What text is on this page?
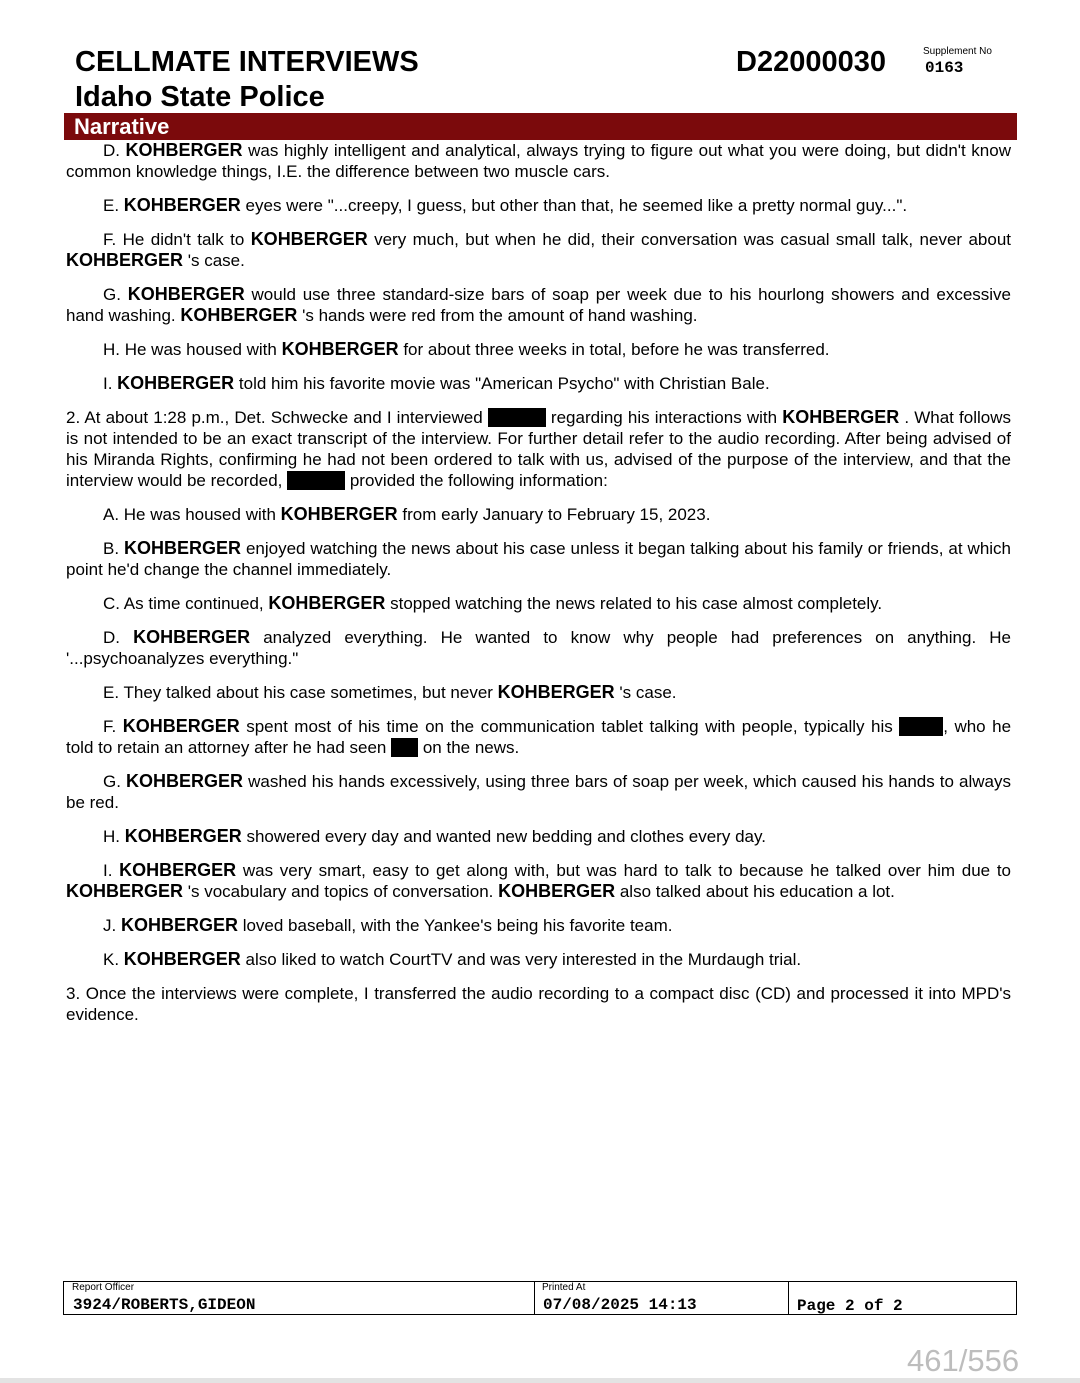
CELLMATE INTERVIEWS
Idaho State Police
D22000030	Supplement No
0163
Narrative

D. KOHBERGER was highly intelligent and analytical, always trying to figure out what you were doing, but didn't know common knowledge things, I.E. the difference between two muscle cars.

E. KOHBERGER eyes were "...creepy, I guess, but other than that, he seemed like a pretty normal guy...".

F. He didn't talk to KOHBERGER very much, but when he did, their conversation was casual small talk, never about KOHBERGER 's case.

G. KOHBERGER would use three standard-size bars of soap per week due to his hourlong showers and excessive hand washing. KOHBERGER 's hands were red from the amount of hand washing.

H. He was housed with KOHBERGER for about three weeks in total, before he was transferred.

I. KOHBERGER told him his favorite movie was "American Psycho" with Christian Bale.

2. At about 1:28 p.m., Det. Schwecke and I interviewed	regarding his interactions with KOHBERGER . What follows is not intended to be an exact transcript of the interview. For further detail refer to the audio recording. After being advised of his Miranda Rights, confirming he had not been ordered to talk with us, advised of the purpose of the interview, and that the interview would be recorded,	provided the following information:

A. He was housed with KOHBERGER from early January to February 15, 2023.

B. KOHBERGER enjoyed watching the news about his case unless it began talking about his family or friends, at which point he'd change the channel immediately.

C. As time continued, KOHBERGER stopped watching the news related to his case almost completely.

D. KOHBERGER analyzed everything. He wanted to know why people had preferences on anything. He '...psychoanalyzes everything."

E. They talked about his case sometimes, but never KOHBERGER 's case.

F. KOHBERGER spent most of his time on the communication tablet talking with people, typically his	, who he told to retain an attorney after he had seen  on the news.

G. KOHBERGER washed his hands excessively, using three bars of soap per week, which caused his hands to always be red.

H. KOHBERGER showered every day and wanted new bedding and clothes every day.

I. KOHBERGER was very smart, easy to get along with, but was hard to talk to because he talked over him due to KOHBERGER 's vocabulary and topics of conversation. KOHBERGER also talked about his education a lot.

J. KOHBERGER loved baseball, with the Yankee's being his favorite team.

K. KOHBERGER also liked to watch CourtTV and was very interested in the Murdaugh trial.

3. Once the interviews were complete, I transferred the audio recording to a compact disc (CD) and processed it into MPD's evidence.

Report Officer
3924/ROBERTS,GIDEON
Printed At
07/08/2025 14:13	Page 2 of 2
461/556
